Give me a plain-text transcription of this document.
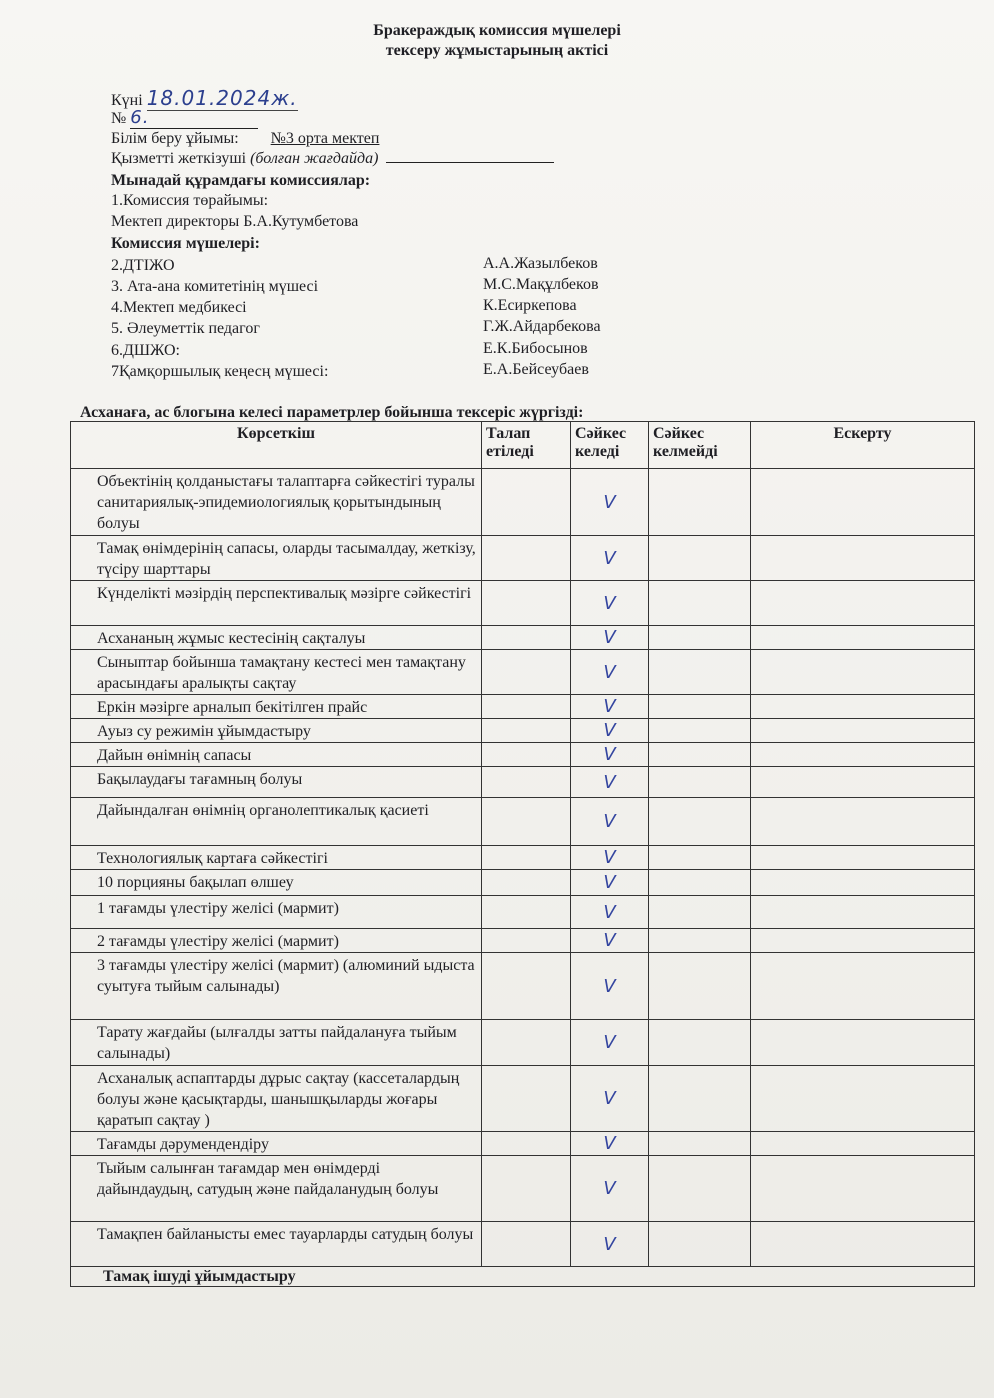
Бракераждық комиссия мүшелері
тексеру жұмыстарының актісі
Күні 18.01.2024ж.
№ 6.
Білім беру ұйымы: №3 орта мектеп
Қызметті жеткізуші (болған жағдайда)
Мынадай құрамдағы комиссиялар:
1.Комиссия төрайымы:
Мектеп директоры Б.А.Кутумбетова
Комиссия мүшелері:
2.ДТІЖО	А.А.Жазылбеков
3. Ата-ана комитетінің мүшесі	М.С.Мақұлбеков
4.Мектеп медбикесі	К.Есиркепова
5. Әлеуметтік педагог	Г.Ж.Айдарбекова
6.ДШЖО:	Е.К.Бибосынов
7Қамқоршылық кеңесң мүшесі:	Е.А.Бейсеубаев
Асханаға, ас блогына келесі параметрлер бойынша тексеріс жүргізді:
Көрсеткіш	Талап етіледі	Сәйкес келеді	Сәйкес келмейді	Ескерту
Объектінің қолданыстағы талаптарға сәйкестігі туралы санитариялық-эпидемиологиялық қорытындының болуы		V		
Тамақ өнімдерінің сапасы, оларды тасымалдау, жеткізу, түсіру шарттары		V		
Күнделікті мәзірдің перспективалық мәзірге сәйкестігі		V		
Асхананың жұмыс кестесінің сақталуы		V		
Сыныптар бойынша тамақтану кестесі мен тамақтану арасындағы аралықты сақтау		V		
Еркін мәзірге арналып бекітілген прайс		V		
Ауыз су режимін ұйымдастыру		V		
Дайын өнімнің сапасы		V		
Бақылаудағы тағамның болуы		V		
Дайындалған өнімнің органолептикалық қасиеті		V		
Технологиялық картаға сәйкестігі		V		
10 порцияны бақылап өлшеу		V		
1 тағамды үлестіру желісі (мармит)		V		
2 тағамды үлестіру желісі (мармит)		V		
3 тағамды үлестіру желісі (мармит) (алюминий ыдыста суытуға тыйым салынады)		V		
Тарату жағдайы (ылғалды затты пайдалануға тыйым салынады)		V		
Асханалық аспаптарды дұрыс сақтау (кассеталардың болуы және қасықтарды, шанышқыларды жоғары қаратып сақтау )		V		
Тағамды дәрумендендіру		V		
Тыйым салынған тағамдар мен өнімдерді дайындаудың, сатудың және пайдаланудың болуы		V		
Тамақпен байланысты емес тауарларды сатудың болуы		V		
Тамақ ішуді ұйымдастыру				
